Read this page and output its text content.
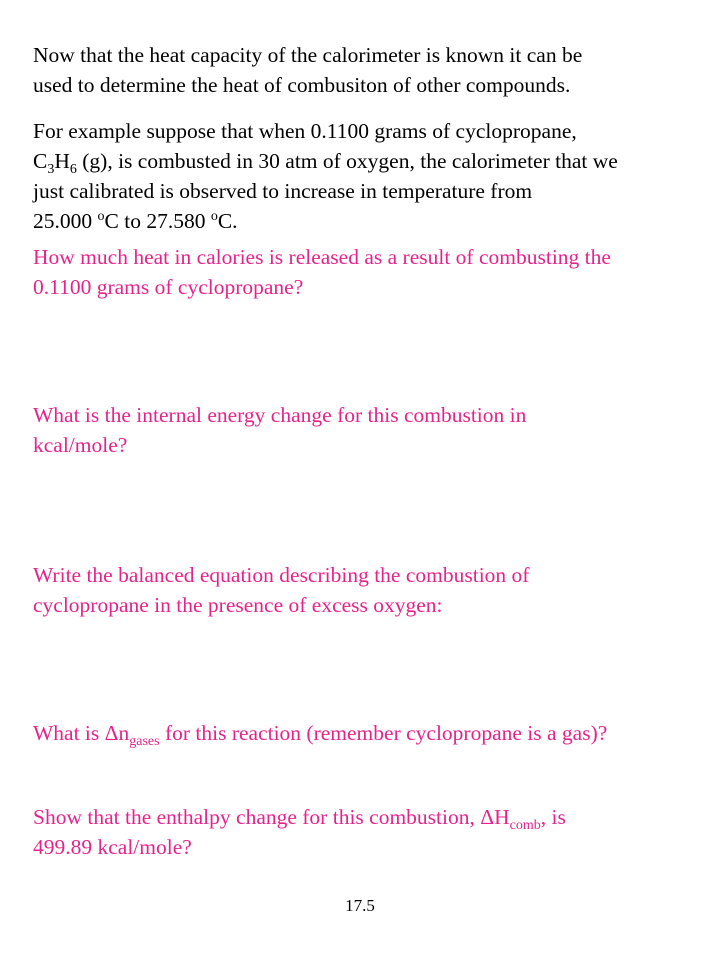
Now that the heat capacity of the calorimeter is known it can be
used to determine the heat of combusiton of other compounds.
For example suppose that when 0.1100 grams of cyclopropane,
$C_3H_6$ (g), is combusted in 30 atm of oxygen, the calorimeter that we
just calibrated is observed to increase in temperature from
25.000 $^o$C to 27.580 $^o$C.
How much heat in calories is released as a result of combusting the
0.1100 grams of cyclopropane?
What is the internal energy change for this combustion in
kcal/mole?
Write the balanced equation describing the combustion of
cyclopropane in the presence of excess oxygen:
What is $\Delta n_{gases}$ for this reaction (remember cyclopropane is a gas)?
Show that the enthalpy change for this combustion, $\Delta H_{comb}$, is
499.89 kcal/mole?
17.5
